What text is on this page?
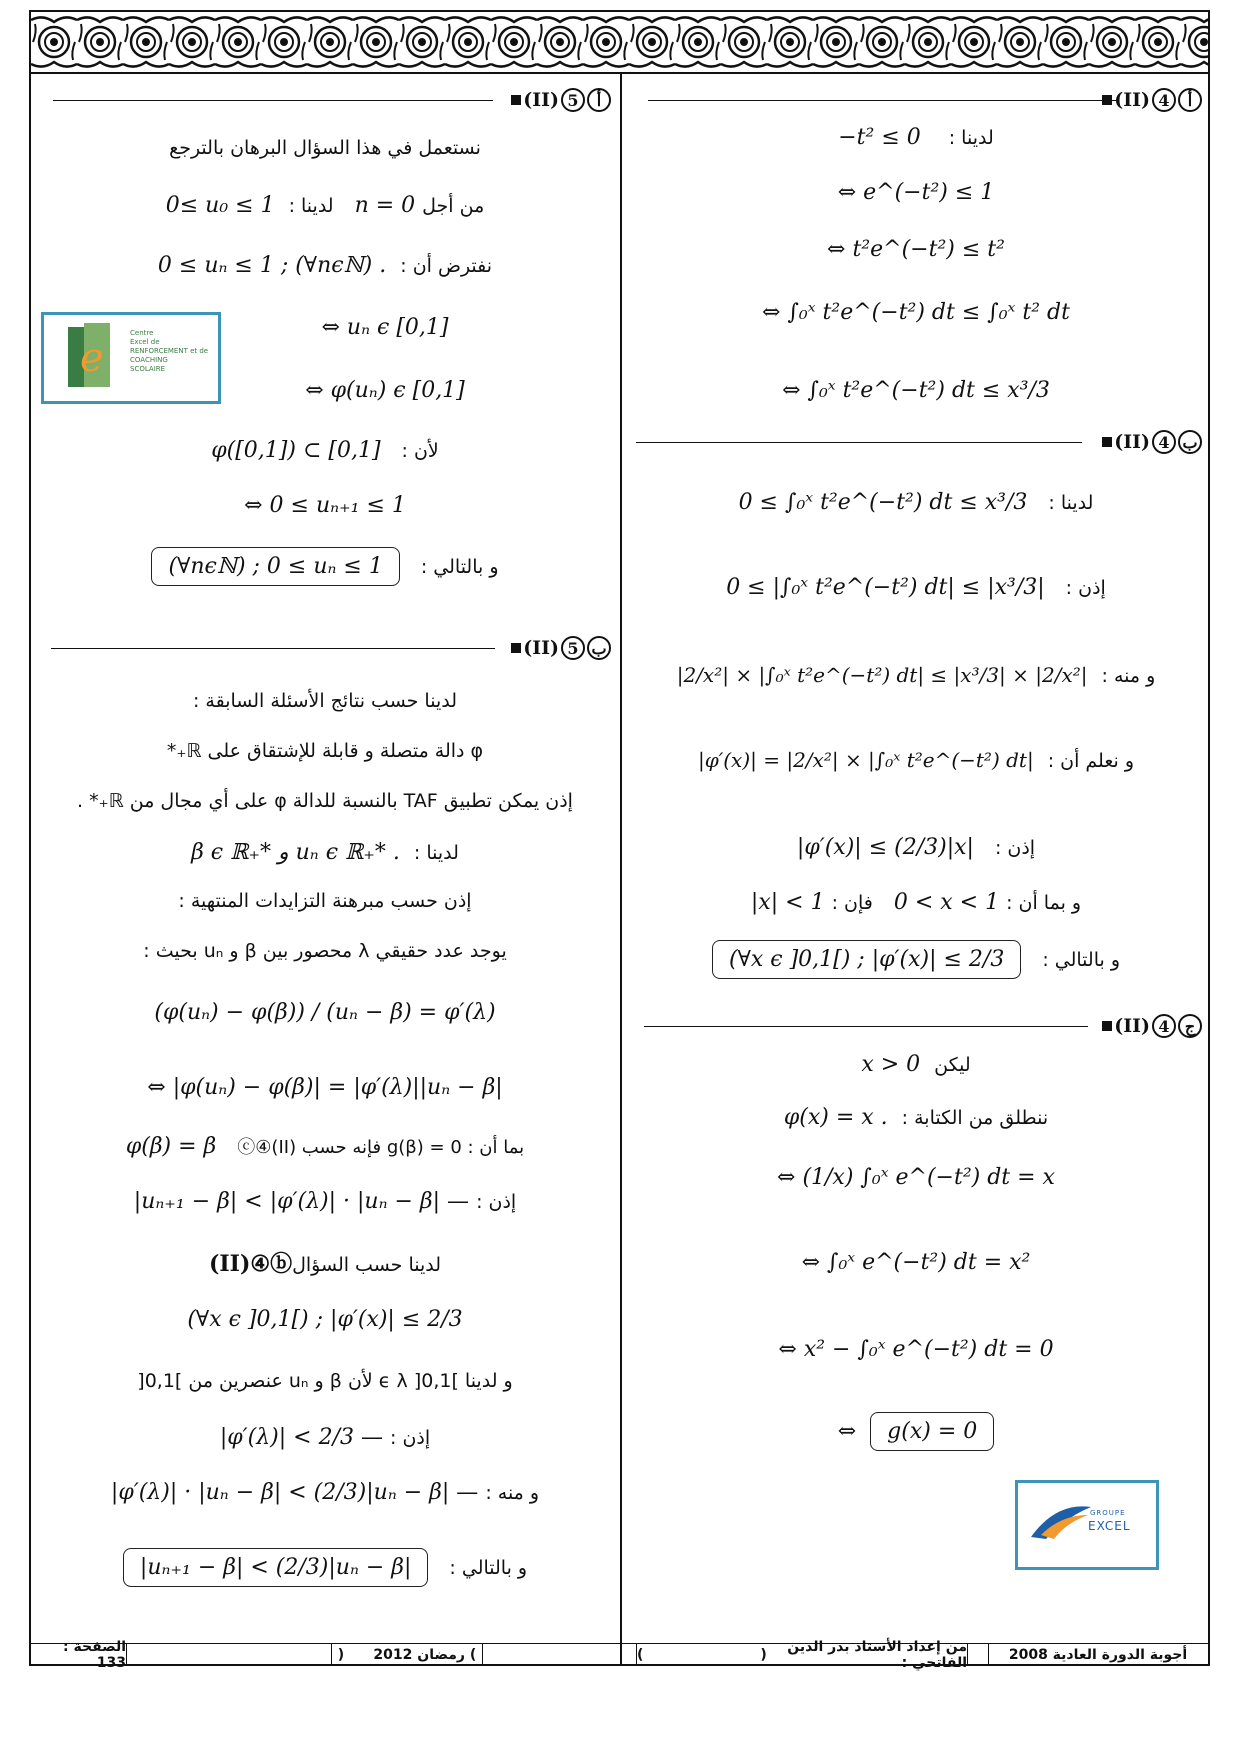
(II) 4	أ
لدينا :    −t² ≤ 0
⇔ e^(−t²) ≤ 1
⇔ t²e^(−t²) ≤ t²
⇔ ∫₀ˣ t²e^(−t²) dt ≤ ∫₀ˣ t² dt
⇔ ∫₀ˣ t²e^(−t²) dt ≤ x³/3
(II) 4 ب
لدينا :   0 ≤ ∫₀ˣ t²e^(−t²) dt ≤ x³/3
إذن :   0 ≤ |∫₀ˣ t²e^(−t²) dt| ≤ |x³/3|
و منه :  |2/x²| × |∫₀ˣ t²e^(−t²) dt| ≤ |x³/3| × |2/x²|
و نعلم أن :  |φ′(x)| = |2/x²| × |∫₀ˣ t²e^(−t²) dt|
إذن :   |φ′(x)| ≤ (2/3)|x|
و بما أن : 0 < x < 1   فإن : |x| < 1
و بالتالي :   (∀x ϵ ]0,1[) ; |φ′(x)| ≤ 2/3
(II) 4 ج
ليكن  x > 0
ننطلق من الكتابة :  φ(x) = x .
⇔ (1/x) ∫₀ˣ e^(−t²) dt = x
⇔ ∫₀ˣ e^(−t²) dt = x²
⇔ x² − ∫₀ˣ e^(−t²) dt = 0
⇔  g(x) = 0
(II) 5	أ
نستعمل في هذا السؤال البرهان بالترجع
من أجل n = 0   لدينا :  0≤ u₀ ≤ 1
نفترض أن :  0 ≤ uₙ ≤ 1 ; (∀nϵℕ) .
⇔ uₙ ϵ [0,1]
⇔ φ(uₙ) ϵ [0,1]
لأن :   φ([0,1]) ⊂ [0,1]
⇔ 0 ≤ uₙ₊₁ ≤ 1
و بالتالي :   (∀nϵℕ) ; 0 ≤ uₙ ≤ 1
(II) 5 ب
لدينا حسب نتائج الأسئلة السابقة :
φ دالة متصلة و قابلة للإشتقاق على ℝ₊*
إذن يمكن تطبيق TAF بالنسبة للدالة φ على أي مجال من ℝ₊* .
لدينا :  β ϵ ℝ₊* و uₙ ϵ ℝ₊* .
إذن حسب مبرهنة التزايدات المنتهية :
يوجد عدد حقيقي λ محصور بين β و uₙ بحيث :
(φ(uₙ) − φ(β)) / (uₙ − β) = φ′(λ)
⇔ |φ(uₙ) − φ(β)| = |φ′(λ)||uₙ − β|
بما أن : g(β) = 0 فإنه حسب (II)④ⓒ   φ(β) = β
إذن : — |uₙ₊₁ − β| < |φ′(λ)| · |uₙ − β|
لدينا حسب السؤال(II)④ⓑ
(∀x ϵ ]0,1[) ; |φ′(x)| ≤ 2/3
و لدينا ]0,1[ ϵ λ لأن β و uₙ عنصرين من ]0,1[
إذن : — |φ′(λ)| < 2/3
و منه : — |φ′(λ)| · |uₙ − β| < (2/3)|uₙ − β|
و بالتالي :   |uₙ₊₁ − β| < (2/3)|uₙ − β|
e
Centre
Excel de
RENFORCEMENT et de
COACHING
SCOLAIRE
GROUPE
EXCEL
أجوبة الدورة العادية 2008
من إعداد الأستاذ بدر الدين الفاتحي :

(

)
)

رمضان 2012

(
الصفحة : 133
